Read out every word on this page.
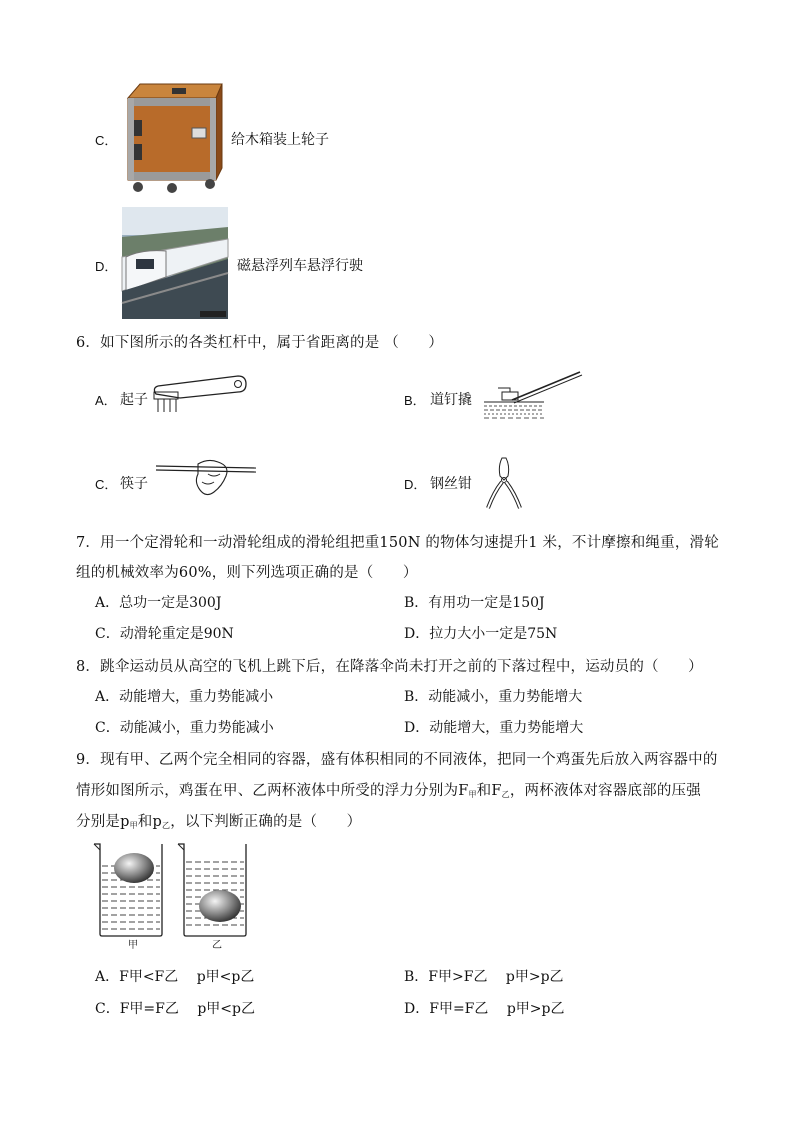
C．	给木箱装上轮子
D．	磁悬浮列车悬浮行驶
6．如下图所示的各类杠杆中，属于省距离的是 （　　）
A． 起子	B． 道钉撬
C． 筷子	D． 钢丝钳
7．用一个定滑轮和一动滑轮组成的滑轮组把重150N 的物体匀速提升1 米，不计摩擦和绳重，滑轮
组的机械效率为60%，则下列选项正确的是（　　）
A．总功一定是300J	B．有用功一定是150J
C．动滑轮重定是90N	D．拉力大小一定是75N
8．跳伞运动员从高空的飞机上跳下后，在降落伞尚未打开之前的下落过程中，运动员的（　　）
A．动能增大，重力势能减小	B．动能减小，重力势能增大
C．动能减小，重力势能减小	D．动能增大，重力势能增大
9．现有甲、乙两个完全相同的容器，盛有体积相同的不同液体，把同一个鸡蛋先后放入两容器中的
情形如图所示，鸡蛋在甲、乙两杯液体中所受的浮力分别为$F_甲$和$F_乙$，两杯液体对容器底部的压强
分别是$p_甲$和$p_乙$，以下判断正确的是（　　）
甲	乙
A．F甲<F乙　 p甲<p乙	B．F甲>F乙　 p甲>p乙
C．F甲=F乙　 p甲<p乙	D．F甲=F乙　 p甲>p乙
